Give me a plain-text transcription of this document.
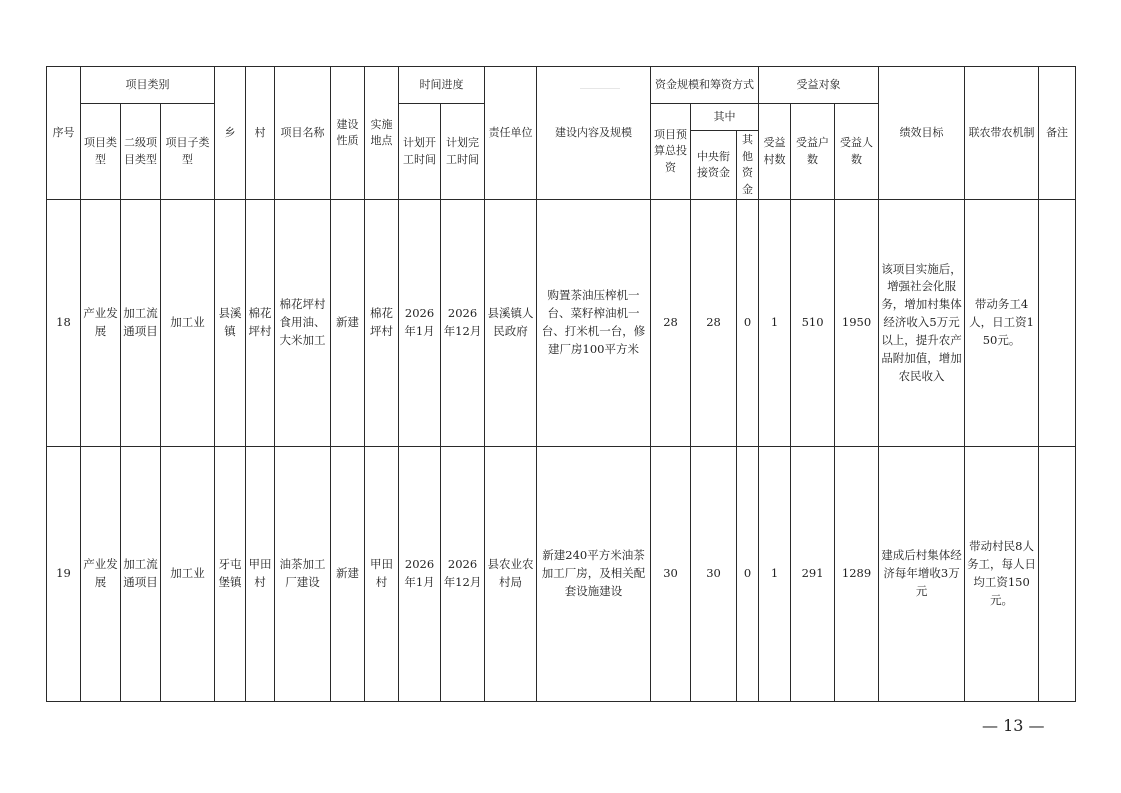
序号	项目类别			乡	村	项目名称	建设性质	实施地点	时间进度		责任单位	建设内容及规模	资金规模和筹资方式			受益对象			绩效目标	联农带农机制	备注
	项目类型	二级项目类型	项目子类型						计划开工时间	计划完工时间			项目预算总投资	其中		受益村数	受益户数	受益人数			
														中央衔接资金	其他资金						
18	产业发展	加工流通项目	加工业	县溪镇	棉花坪村	棉花坪村食用油、大米加工	新建	棉花坪村	2026年1月	2026年12月	县溪镇人民政府	购置茶油压榨机一台、菜籽榨油机一台、打米机一台，修建厂房100平方米	28	28	0	1	510	1950	该项目实施后，增强社会化服务，增加村集体经济收入5万元以上，提升农产品附加值，增加农民收入	带动务工4人，日工资150元。	
19	产业发展	加工流通项目	加工业	牙屯堡镇	甲田村	油茶加工厂建设	新建	甲田村	2026年1月	2026年12月	县农业农村局	新建240平方米油茶加工厂房，及相关配套设施建设	30	30	0	1	291	1289	建成后村集体经济每年增收3万元	带动村民8人务工，每人日均工资150元。	
— 13 —
